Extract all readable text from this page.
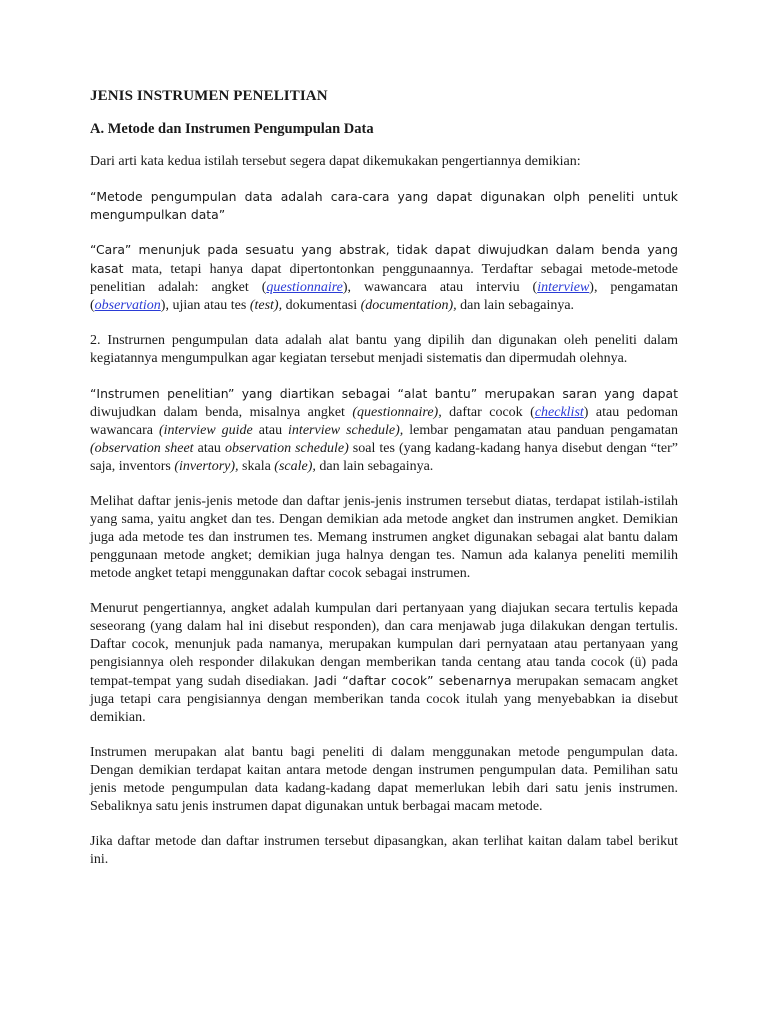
JENIS INSTRUMEN PENELITIAN
A. Metode dan Instrumen Pengumpulan Data

Dari arti kata kedua istilah tersebut segera dapat dikemukakan pengertiannya demikian:

“Metode pengumpulan data adalah cara-cara yang dapat digunakan olph peneliti untuk mengumpulkan data”

“Cara” menunjuk pada sesuatu yang abstrak, tidak dapat diwujudkan dalam benda yang kasat mata, tetapi hanya dapat dipertontonkan penggunaannya. Terdaftar sebagai metode-metode penelitian adalah: angket (questionnaire), wawancara atau interviu (interview), pengamatan (observation), ujian atau tes (test), dokumentasi (documentation), dan lain sebagainya.

2. Instrurnen pengumpulan data adalah alat bantu yang dipilih dan digunakan oleh peneliti dalam kegiatannya mengumpulkan agar kegiatan tersebut menjadi sistematis dan dipermudah olehnya.

“Instrumen penelitian” yang diartikan sebagai “alat bantu” merupakan saran yang dapat diwujudkan dalam benda, misalnya angket (questionnaire), daftar cocok (checklist) atau pedoman wawancara (interview guide atau interview schedule), lembar pengamatan atau panduan pengamatan (observation sheet atau observation schedule) soal tes (yang kadang-kadang hanya disebut dengan “ter” saja, inventors (invertory), skala (scale), dan lain sebagainya.

Melihat daftar jenis-jenis metode dan daftar jenis-jenis instrumen tersebut diatas, terdapat istilah-istilah yang sama, yaitu angket dan tes. Dengan demikian ada metode angket dan instrumen angket. Demikian juga ada metode tes dan instrumen tes. Memang instrumen angket digunakan sebagai alat bantu dalam penggunaan metode angket; demikian juga halnya dengan tes. Namun ada kalanya peneliti memilih metode angket tetapi menggunakan daftar cocok sebagai instrumen.

Menurut pengertiannya, angket adalah kumpulan dari pertanyaan yang diajukan secara tertulis kepada seseorang (yang dalam hal ini disebut responden), dan cara menjawab juga dilakukan dengan tertulis. Daftar cocok, menunjuk pada namanya, merupakan kumpulan dari pernyataan atau pertanyaan yang pengisiannya oleh responder dilakukan dengan memberikan tanda centang atau tanda cocok (ü) pada tempat-tempat yang sudah disediakan. Jadi “daftar cocok” sebenarnya merupakan semacam angket juga tetapi cara pengisiannya dengan memberikan tanda cocok itulah yang menyebabkan ia disebut demikian.

Instrumen merupakan alat bantu bagi peneliti di dalam menggunakan metode pengumpulan data. Dengan demikian terdapat kaitan antara metode dengan instrumen pengumpulan data. Pemilihan satu jenis metode pengumpulan data kadang-kadang dapat memerlukan lebih dari satu jenis instrumen. Sebaliknya satu jenis instrumen dapat digunakan untuk berbagai macam metode.

Jika daftar metode dan daftar instrumen tersebut dipasangkan, akan terlihat kaitan dalam tabel berikut ini.
